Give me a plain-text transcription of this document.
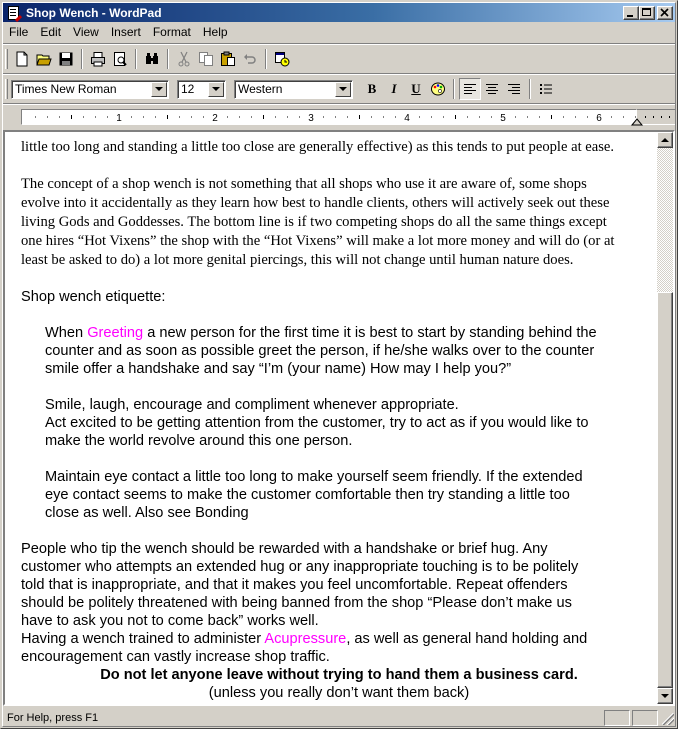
Shop Wench - WordPad
File	Edit	View	Insert	Format	Help
Times New Roman	12	Western	B	I	U
1	2	3	4	5	6

little too long and standing a little too close are generally effective) as this tends to put people at ease.

The concept of a shop wench is not something that all shops who use it are aware of, some shops

evolve into it accidentally as they learn how best to handle clients, others will actively seek out these

living Gods and Goddesses. The bottom line is if two competing shops do all the same things except

one hires “Hot Vixens” the shop with the “Hot Vixens” will make a lot more money and will do (or at

least be asked to do) a lot more genital piercings, this will not change until human nature does.

Shop wench etiquette:

When Greeting a new person for the first time it is best to start by standing behind the

counter and as soon as possible greet the person, if he/she walks over to the counter

smile offer a handshake and say “I’m (your name) How may I help you?”

Smile, laugh, encourage and compliment whenever appropriate.

Act excited to be getting attention from the customer, try to act as if you would like to

make the world revolve around this one person.

Maintain eye contact a little too long to make yourself seem friendly. If the extended

eye contact seems to make the customer comfortable then try standing a little too

close as well. Also see Bonding

People who tip the wench should be rewarded with a handshake or brief hug. Any

customer who attempts an extended hug or any inappropriate touching is to be politely

told that is inappropriate, and that it makes you feel uncomfortable. Repeat offenders

should be politely threatened with being banned from the shop “Please don’t make us

have to ask you not to come back” works well.

Having a wench trained to administer Acupressure, as well as general hand holding and

encouragement can vastly increase shop traffic.

Do not let anyone leave without trying to hand them a business card.

(unless you really don’t want them back)

For Help, press F1
